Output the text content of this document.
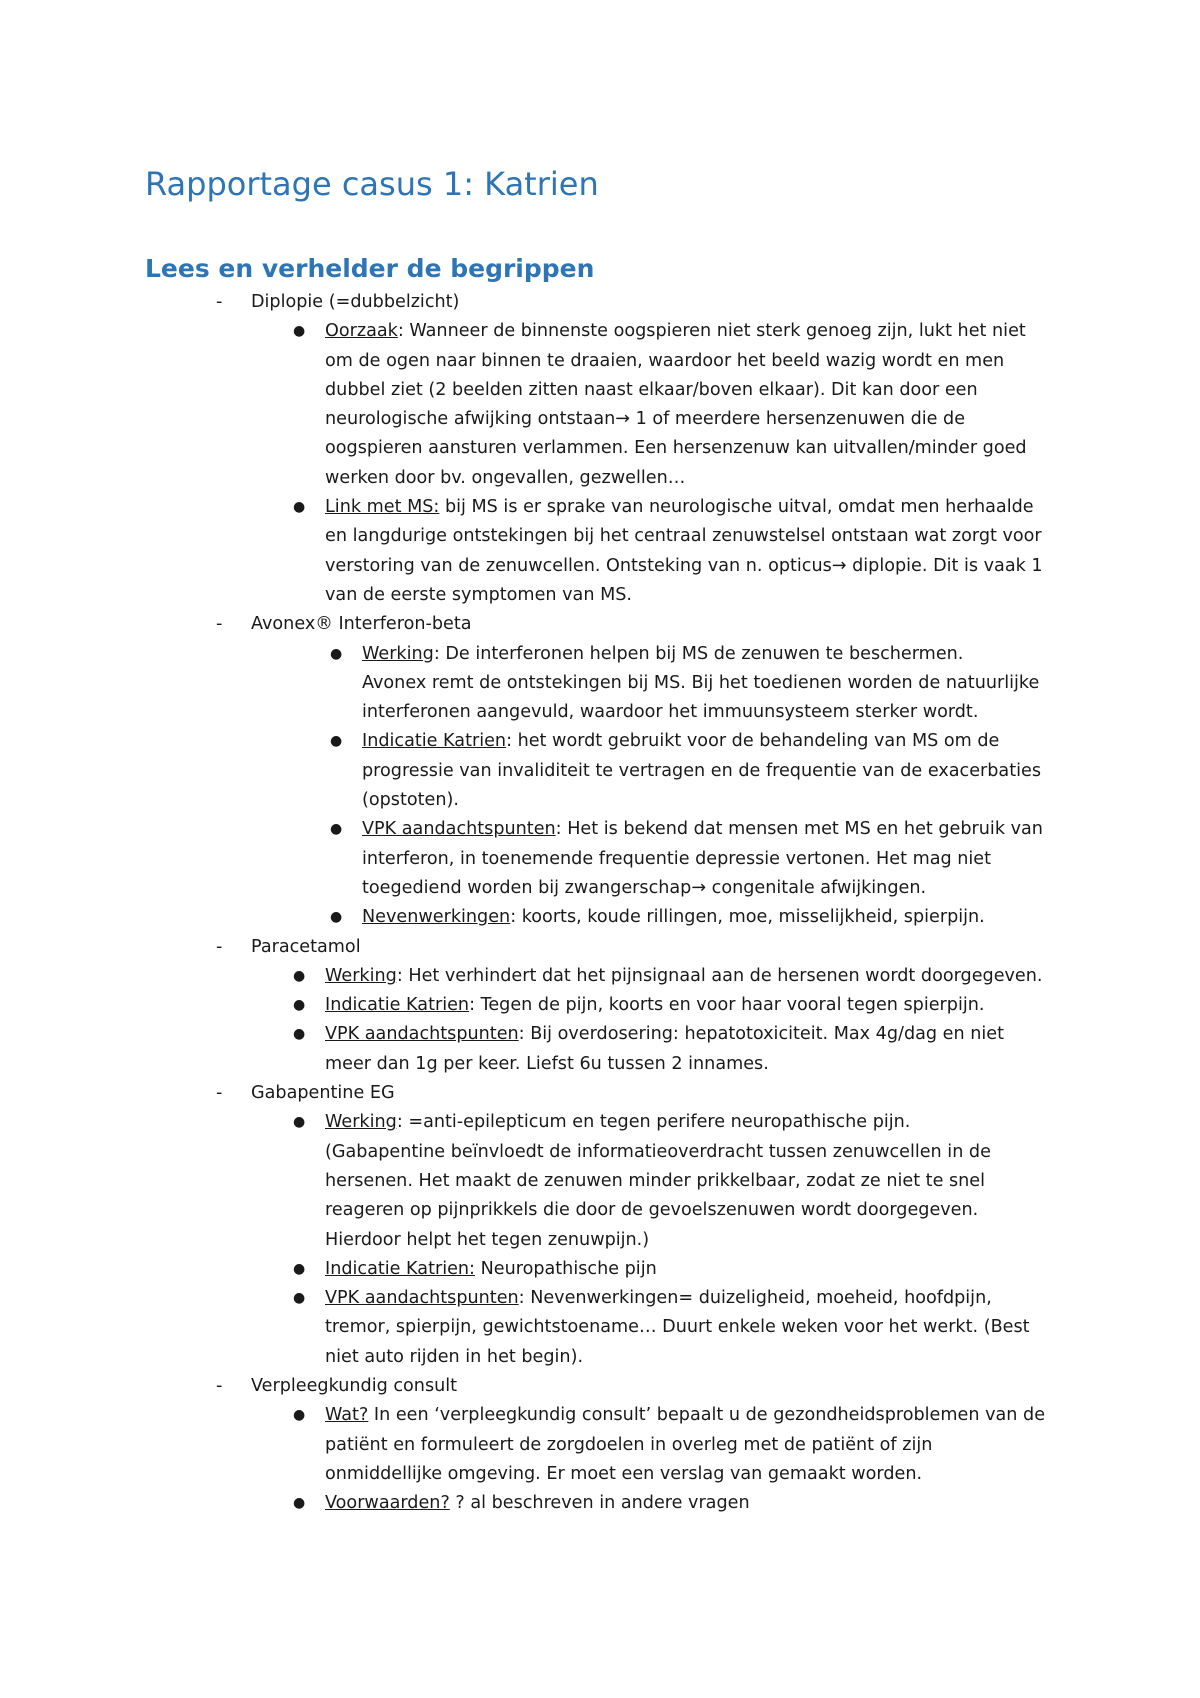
Rapportage casus 1: Katrien
Lees en verhelder de begrippen
- Diplopie (=dubbelzicht)
● Oorzaak: Wanneer de binnenste oogspieren niet sterk genoeg zijn, lukt het niet
om de ogen naar binnen te draaien, waardoor het beeld wazig wordt en men
dubbel ziet (2 beelden zitten naast elkaar/boven elkaar). Dit kan door een
neurologische afwijking ontstaan→ 1 of meerdere hersenzenuwen die de
oogspieren aansturen verlammen. Een hersenzenuw kan uitvallen/minder goed
werken door bv. ongevallen, gezwellen…
● Link met MS: bij MS is er sprake van neurologische uitval, omdat men herhaalde
en langdurige ontstekingen bij het centraal zenuwstelsel ontstaan wat zorgt voor
verstoring van de zenuwcellen. Ontsteking van n. opticus→ diplopie. Dit is vaak 1
van de eerste symptomen van MS.
- Avonex® Interferon-beta
● Werking: De interferonen helpen bij MS de zenuwen te beschermen.
Avonex remt de ontstekingen bij MS. Bij het toedienen worden de natuurlijke
interferonen aangevuld, waardoor het immuunsysteem sterker wordt.
● Indicatie Katrien: het wordt gebruikt voor de behandeling van MS om de
progressie van invaliditeit te vertragen en de frequentie van de exacerbaties
(opstoten).
● VPK aandachtspunten: Het is bekend dat mensen met MS en het gebruik van
interferon, in toenemende frequentie depressie vertonen. Het mag niet
toegediend worden bij zwangerschap→ congenitale afwijkingen.
● Nevenwerkingen: koorts, koude rillingen, moe, misselijkheid, spierpijn.
- Paracetamol
● Werking: Het verhindert dat het pijnsignaal aan de hersenen wordt doorgegeven.
● Indicatie Katrien: Tegen de pijn, koorts en voor haar vooral tegen spierpijn.
● VPK aandachtspunten: Bij overdosering: hepatotoxiciteit. Max 4g/dag en niet
meer dan 1g per keer. Liefst 6u tussen 2 innames.
- Gabapentine EG
● Werking: =anti-epilepticum en tegen perifere neuropathische pijn.
(Gabapentine beïnvloedt de informatieoverdracht tussen zenuwcellen in de
hersenen. Het maakt de zenuwen minder prikkelbaar, zodat ze niet te snel
reageren op pijnprikkels die door de gevoelszenuwen wordt doorgegeven.
Hierdoor helpt het tegen zenuwpijn.)
● Indicatie Katrien: Neuropathische pijn
● VPK aandachtspunten: Nevenwerkingen= duizeligheid, moeheid, hoofdpijn,
tremor, spierpijn, gewichtstoename… Duurt enkele weken voor het werkt. (Best
niet auto rijden in het begin).
- Verpleegkundig consult
● Wat? In een ‘verpleegkundig consult’ bepaalt u de gezondheidsproblemen van de
patiënt en formuleert de zorgdoelen in overleg met de patiënt of zijn
onmiddellijke omgeving. Er moet een verslag van gemaakt worden.
● Voorwaarden? ? al beschreven in andere vragen
